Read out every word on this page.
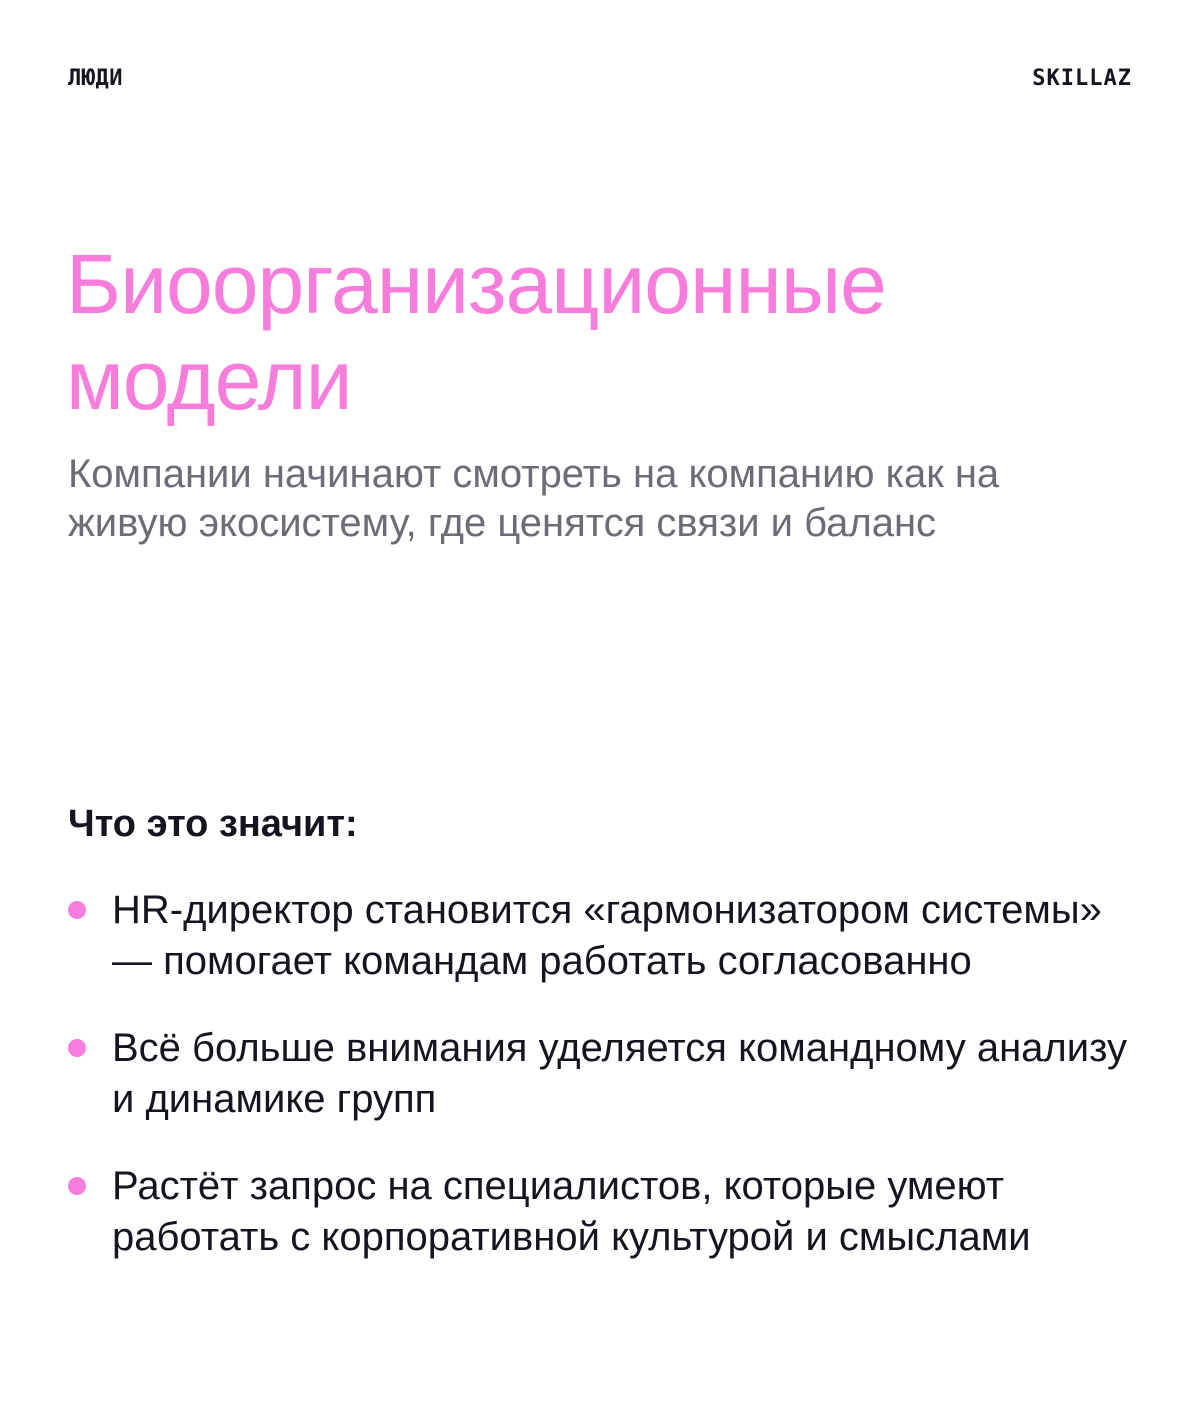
ЛЮДИ	SKILLAZ
Биоорганизационные модели

Компании начинают смотреть на компанию как на живую экосистему, где ценятся связи и баланс

Что это значит:
HR-директор становится «гармонизатором системы» — помогает командам работать согласованно
Всё больше внимания уделяется командному анализу и динамике групп
Растёт запрос на специалистов, которые умеют работать с корпоративной культурой и смыслами
